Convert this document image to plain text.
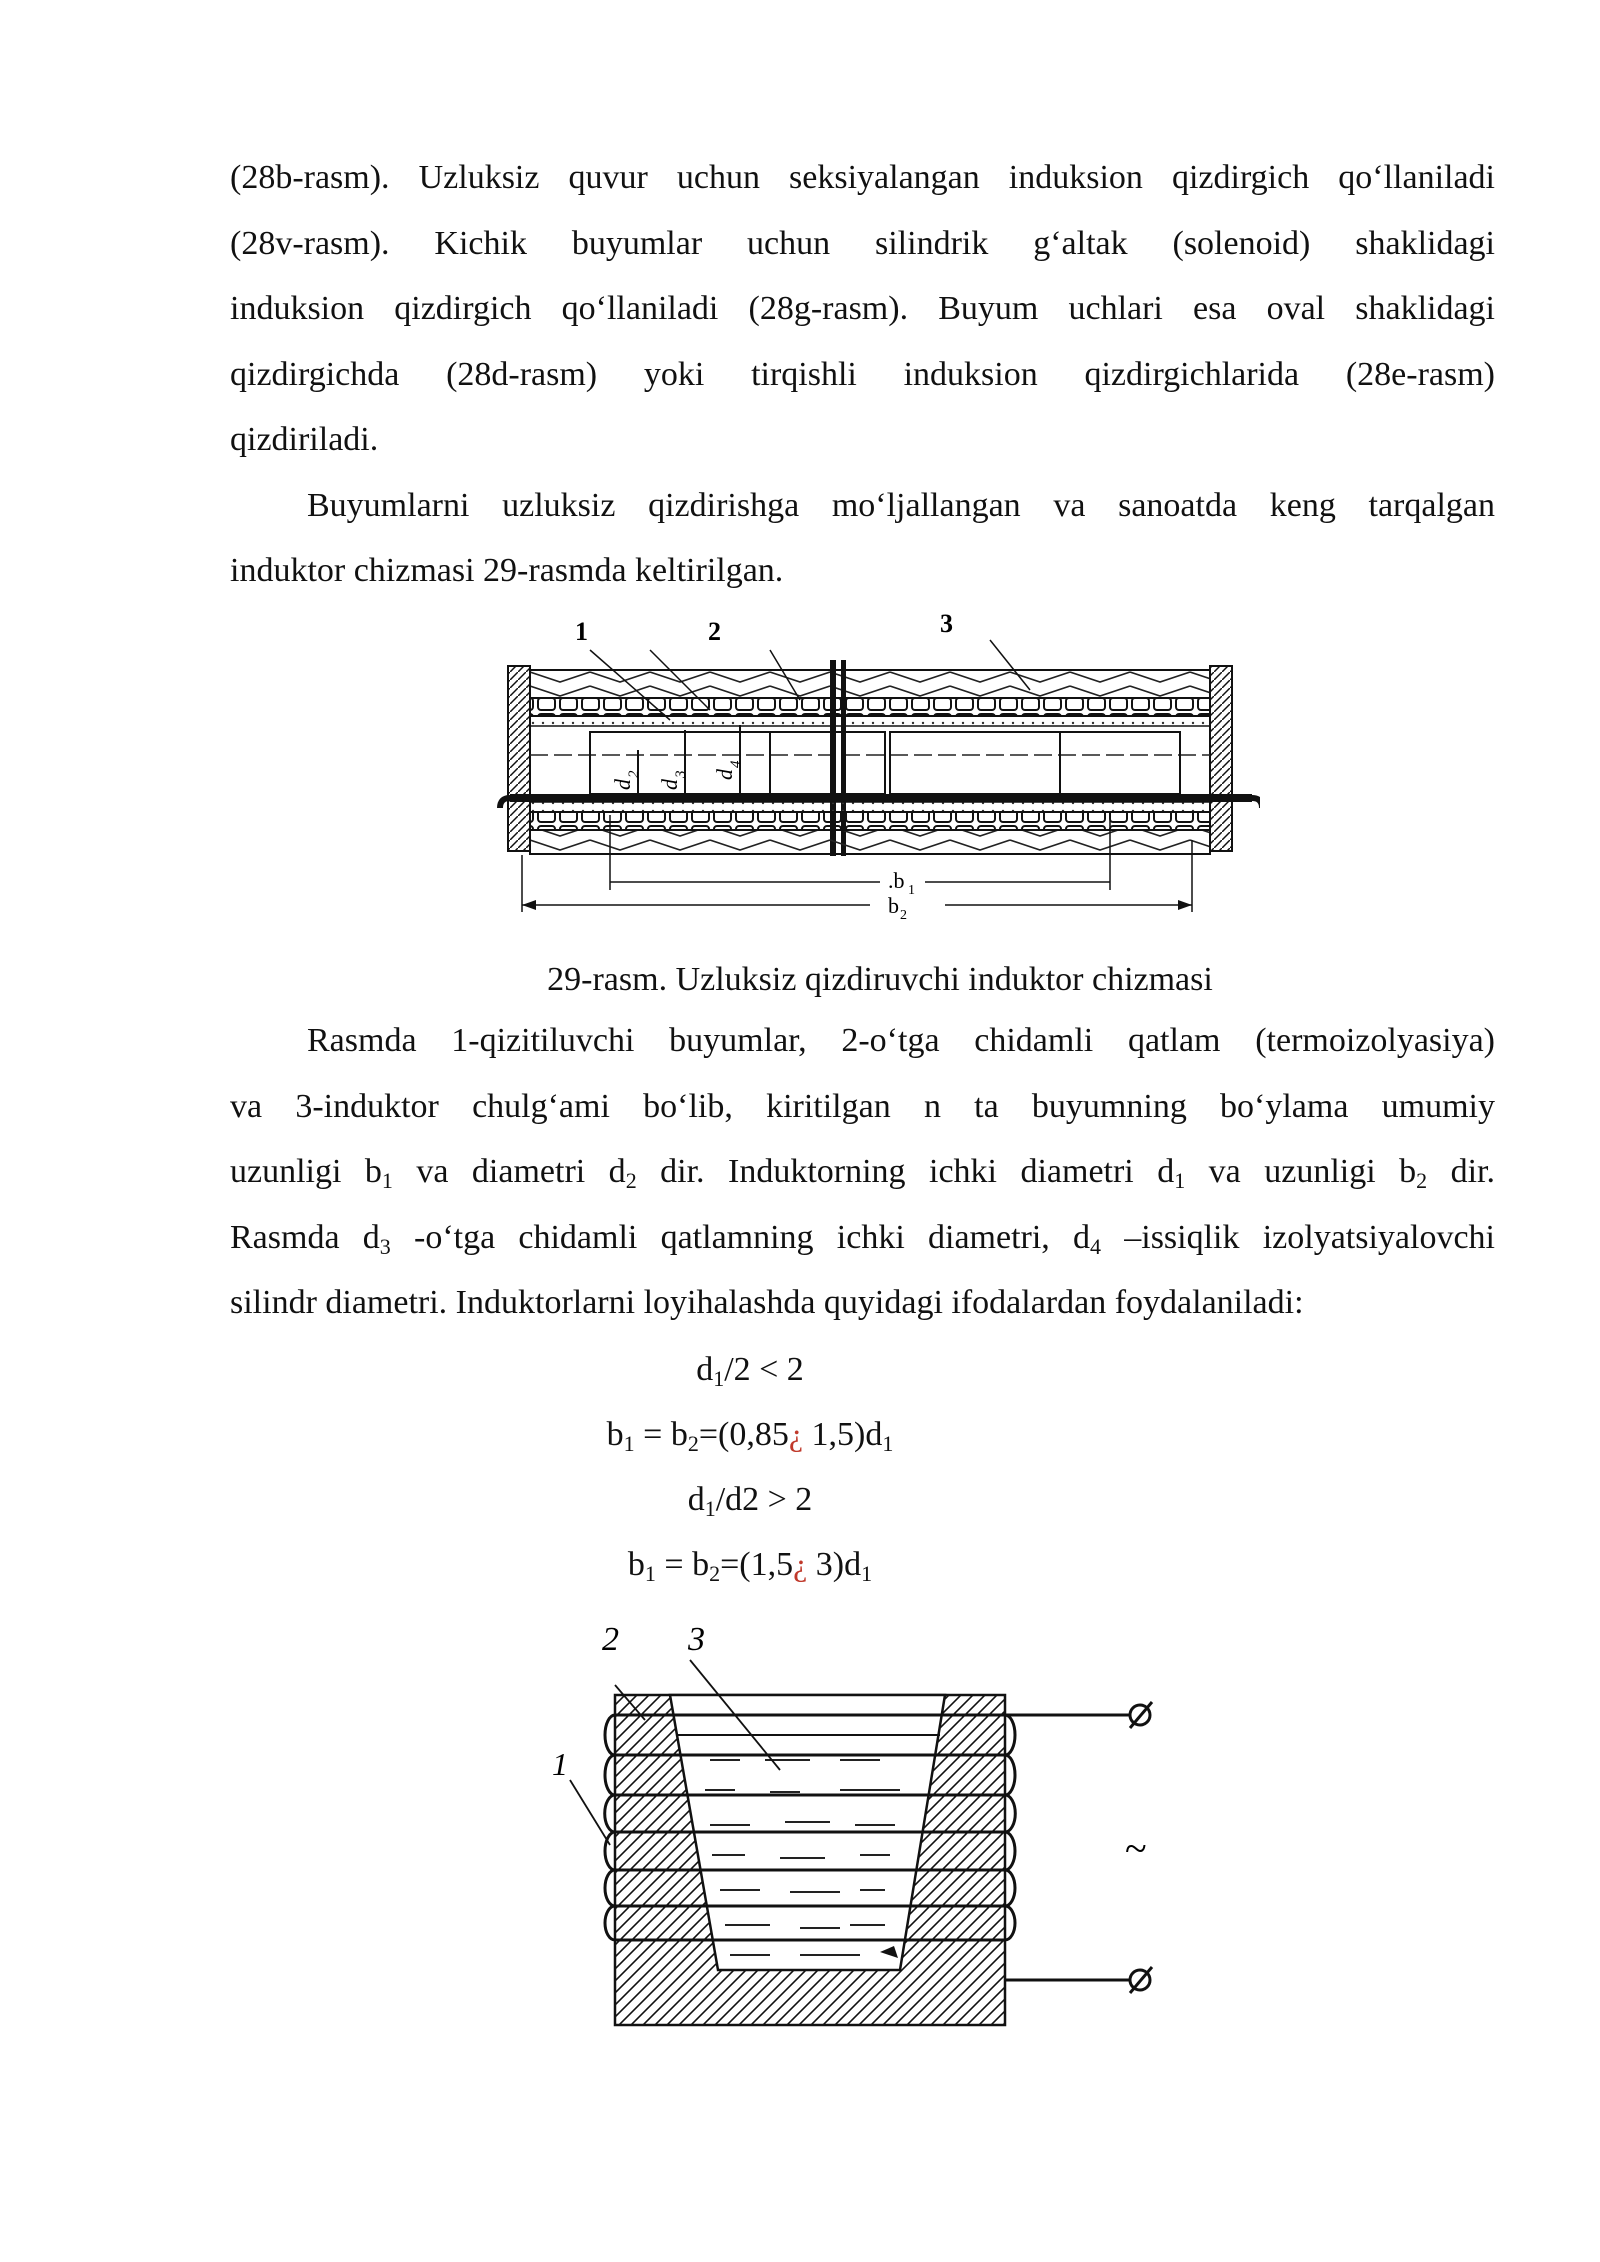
(28b-rasm). Uzluksiz quvur uchun seksiyalangan induksion qizdirgich qo‘llaniladi

(28v-rasm). Kichik buyumlar uchun silindrik g‘altak (solenoid) shaklidagi

induksion qizdirgich qo‘llaniladi (28g-rasm). Buyum uchlari esa oval shaklidagi

qizdirgichda (28d-rasm) yoki tirqishli induksion qizdirgichlarida (28e-rasm)

qizdiriladi.

Buyumlarni uzluksiz qizdirishga mo‘ljallangan va sanoatda keng tarqalgan

induktor chizmasi 29-rasmda keltirilgan.

1	2	3
d
2
d
3 d
4
.b 1
b 2
29-rasm. Uzluksiz qizdiruvchi induktor chizmasi

Rasmda 1-qizitiluvchi buyumlar, 2-o‘tga chidamli qatlam (termoizolyasiya)

va 3-induktor chulg‘ami bo‘lib, kiritilgan n ta buyumning bo‘ylama umumiy

uzunligi $b_1$ va diametri $d_2$ dir. Induktorning ichki diametri $d_1$ va uzunligi $b_2$ dir.

Rasmda $d_3$ -o‘tga chidamli qatlamning ichki diametri, $d_4$ –issiqlik izolyatsiyalovchi

silindr diametri. Induktorlarni loyihalashda quyidagi ifodalardan foydalaniladi:

$d_1/2 < 2$
$b_1$ = $b_2=(0,85¿$ $1,5)d_1$
$d_1/d2 > 2$
$b_1$ = $b_2=(1,5¿$ $3)d_1$
2 3
1
~
